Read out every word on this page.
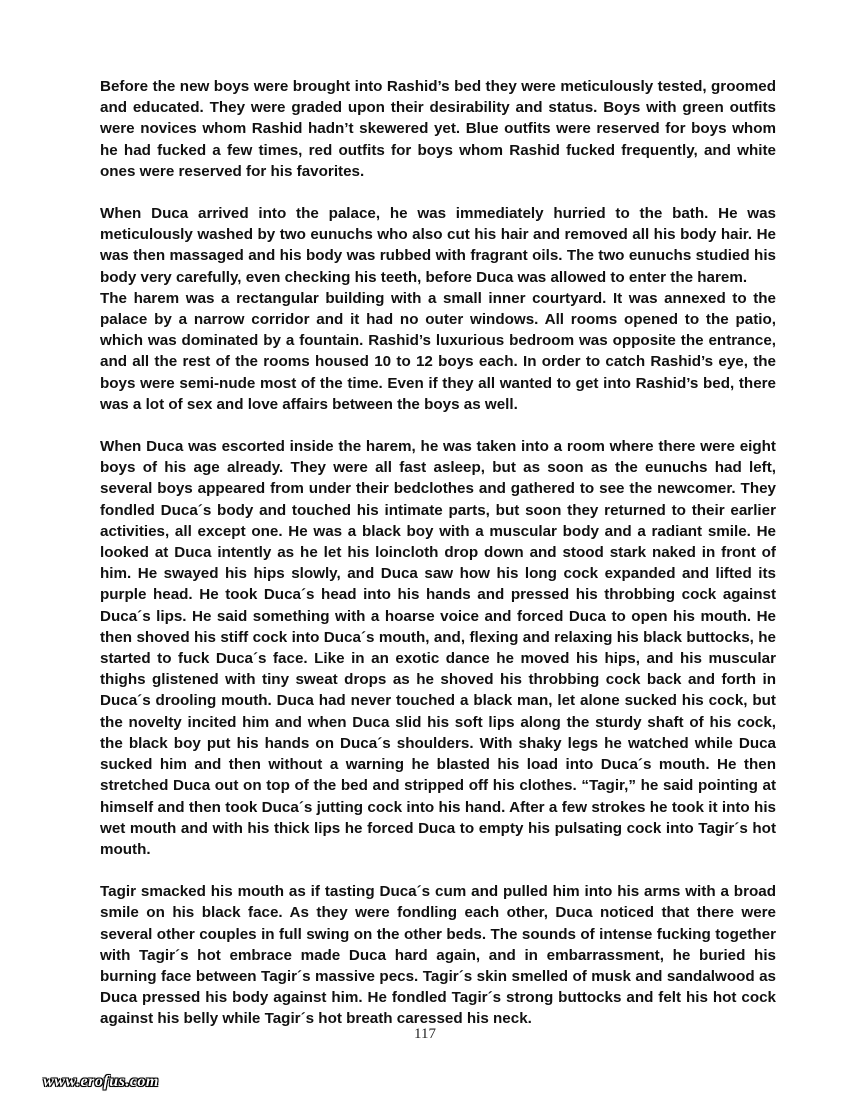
Before the new boys were brought into Rashid’s bed they were meticulously tested, groomed and educated. They were graded upon their desirability and status. Boys with green outfits were novices whom Rashid hadn’t skewered yet. Blue outfits were reserved for boys whom he had fucked a few times, red outfits for boys whom Rashid fucked frequently, and white ones were reserved for his favorites.

When Duca arrived into the palace, he was immediately hurried to the bath. He was meticulously washed by two eunuchs who also cut his hair and removed all his body hair. He was then massaged and his body was rubbed with fragrant oils. The two eunuchs studied his body very carefully, even checking his teeth, before Duca was allowed to enter the harem.

The harem was a rectangular building with a small inner courtyard. It was annexed to the palace by a narrow corridor and it had no outer windows. All rooms opened to the patio, which was dominated by a fountain. Rashid’s luxurious bedroom was opposite the entrance, and all the rest of the rooms housed 10 to 12 boys each. In order to catch Rashid’s eye, the boys were semi-nude most of the time. Even if they all wanted to get into Rashid’s bed, there was a lot of sex and love affairs between the boys as well.

When Duca was escorted inside the harem, he was taken into a room where there were eight boys of his age already. They were all fast asleep, but as soon as the eunuchs had left, several boys appeared from under their bedclothes and gathered to see the newcomer. They fondled Duca´s body and touched his intimate parts, but soon they returned to their earlier activities, all except one. He was a black boy with a muscular body and a radiant smile. He looked at Duca intently as he let his loincloth drop down and stood stark naked in front of him. He swayed his hips slowly, and Duca saw how his long cock expanded and lifted its purple head. He took Duca´s head into his hands and pressed his throbbing cock against Duca´s lips. He said something with a hoarse voice and forced Duca to open his mouth. He then shoved his stiff cock into Duca´s mouth, and, flexing and relaxing his black buttocks, he started to fuck Duca´s face. Like in an exotic dance he moved his hips, and his muscular thighs glistened with tiny sweat drops as he shoved his throbbing cock back and forth in Duca´s drooling mouth. Duca had never touched a black man, let alone sucked his cock, but the novelty incited him and when Duca slid his soft lips along the sturdy shaft of his cock, the black boy put his hands on Duca´s shoulders. With shaky legs he watched while Duca sucked him and then without a warning he blasted his load into Duca´s mouth. He then stretched Duca out on top of the bed and stripped off his clothes. “Tagir,” he said pointing at himself and then took Duca´s jutting cock into his hand. After a few strokes he took it into his wet mouth and with his thick lips he forced Duca to empty his pulsating cock into Tagir´s hot mouth.

Tagir smacked his mouth as if tasting Duca´s cum and pulled him into his arms with a broad smile on his black face. As they were fondling each other, Duca noticed that there were several other couples in full swing on the other beds. The sounds of intense fucking together with Tagir´s hot embrace made Duca hard again, and in embarrassment, he buried his burning face between Tagir´s massive pecs. Tagir´s skin smelled of musk and sandalwood as Duca pressed his body against him. He fondled Tagir´s strong buttocks and felt his hot cock against his belly while Tagir´s hot breath caressed his neck.

117
www.erofus.com
